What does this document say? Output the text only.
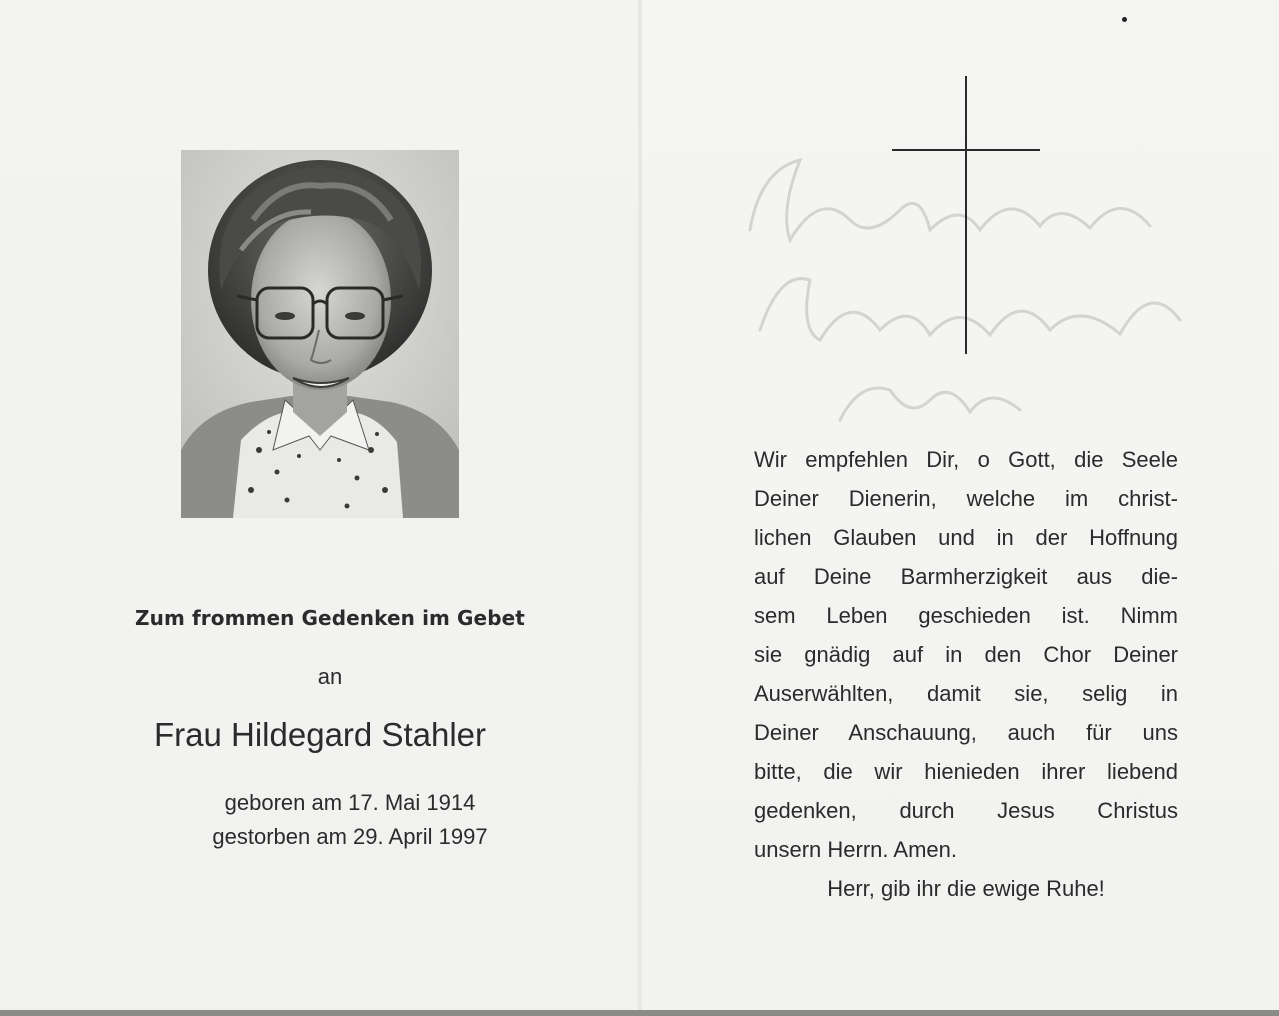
Zum frommen Gedenken im Gebet
an
Frau Hildegard Stahler
geboren am 17. Mai 1914
gestorben am 29. April 1997
Wir empfehlen Dir, o Gott, die Seele
Deiner Dienerin, welche im christ-
lichen Glauben und in der Hoffnung
auf Deine Barmherzigkeit aus die-
sem Leben geschieden ist. Nimm
sie gnädig auf in den Chor Deiner
Auserwählten, damit sie, selig in
Deiner Anschauung, auch für uns
bitte, die wir hienieden ihrer liebend
gedenken, durch Jesus Christus
unsern Herrn. Amen.
Herr, gib ihr die ewige Ruhe!
